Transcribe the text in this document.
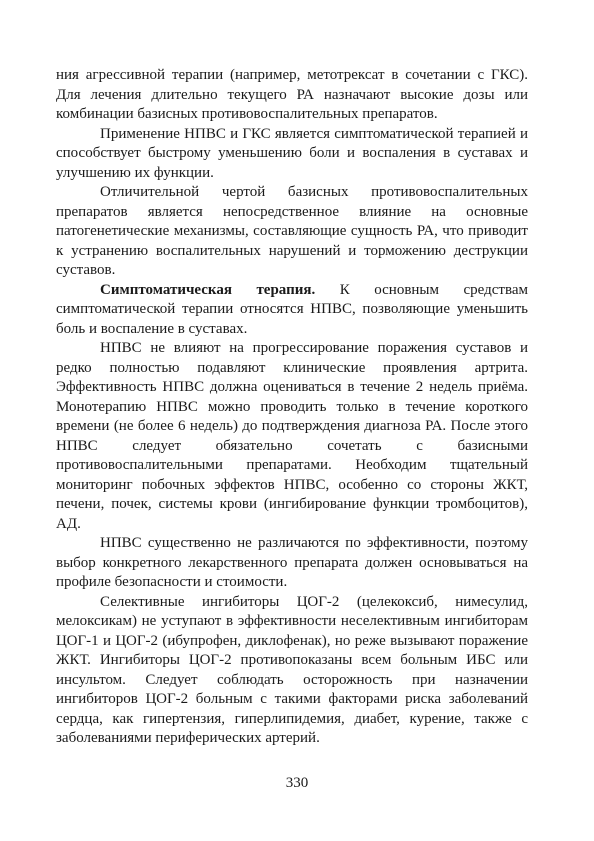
ния агрессивной терапии (например, метотрексат в сочетании с ГКС). Для лечения длительно текущего РА назначают высокие дозы или комбинации базисных противовоспалительных препаратов.

Применение НПВС и ГКС является симптоматической терапией и способствует быстрому уменьшению боли и воспаления в суставах и улучшению их функции.

Отличительной чертой базисных противовоспалительных препаратов является непосредственное влияние на основные патогенетические механизмы, составляющие сущность РА, что приводит к устранению воспалительных нарушений и торможению деструкции суставов.

Симптоматическая терапия. К основным средствам симптоматической терапии относятся НПВС, позволяющие уменьшить боль и воспаление в суставах.

НПВС не влияют на прогрессирование поражения суставов и редко полностью подавляют клинические проявления артрита. Эффективность НПВС должна оцениваться в течение 2 недель приёма. Монотерапию НПВС можно проводить только в течение короткого времени (не более 6 недель) до подтверждения диагноза РА. После этого НПВС следует обязательно сочетать с базисными противовоспалительными препаратами. Необходим тщательный мониторинг побочных эффектов НПВС, особенно со стороны ЖКТ, печени, почек, системы крови (ингибирование функции тромбоцитов), АД.

НПВС существенно не различаются по эффективности, поэтому выбор конкретного лекарственного препарата должен основываться на профиле безопасности и стоимости.

Селективные ингибиторы ЦОГ-2 (целекоксиб, нимесулид, мелоксикам) не уступают в эффективности неселективным ингибиторам ЦОГ-1 и ЦОГ-2 (ибупрофен, диклофенак), но реже вызывают поражение ЖКТ. Ингибиторы ЦОГ-2 противопоказаны всем больным ИБС или инсультом. Следует соблюдать осторожность при назначении ингибиторов ЦОГ-2 больным с такими факторами риска заболеваний сердца, как гипертензия, гиперлипидемия, диабет, курение, также с заболеваниями периферических артерий.

330
